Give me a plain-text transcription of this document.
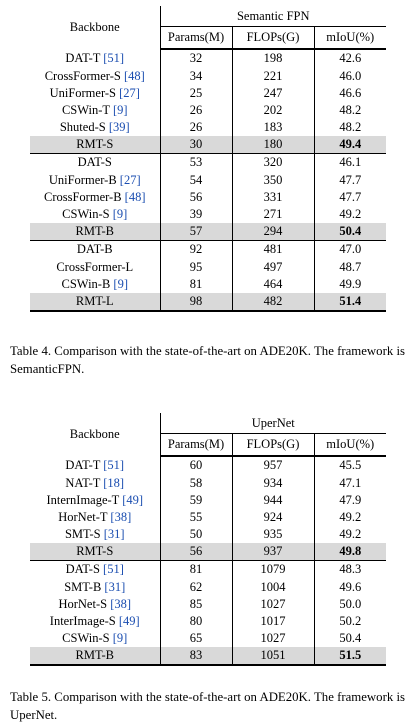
Backbone	Semantic FPN		
	Params(M)	FLOPs(G)	mIoU(%)
DAT-T [51]	32	198	42.6
CrossFormer-S [48]	34	221	46.0
UniFormer-S [27]	25	247	46.6
CSWin-T [9]	26	202	48.2
Shuted-S [39]	26	183	48.2
RMT-S	30	180	49.4
DAT-S	53	320	46.1
UniFormer-B [27]	54	350	47.7
CrossFormer-B [48]	56	331	47.7
CSWin-S [9]	39	271	49.2
RMT-B	57	294	50.4
DAT-B	92	481	47.0
CrossFormer-L	95	497	48.7
CSWin-B [9]	81	464	49.9
RMT-L	98	482	51.4
Table 4. Comparison with the state-of-the-art on ADE20K. The framework is SemanticFPN.
Backbone	UperNet		
	Params(M)	FLOPs(G)	mIoU(%)
DAT-T [51]	60	957	45.5
NAT-T [18]	58	934	47.1
InternImage-T [49]	59	944	47.9
HorNet-T [38]	55	924	49.2
SMT-S [31]	50	935	49.2
RMT-S	56	937	49.8
DAT-S [51]	81	1079	48.3
SMT-B [31]	62	1004	49.6
HorNet-S [38]	85	1027	50.0
InterImage-S [49]	80	1017	50.2
CSWin-S [9]	65	1027	50.4
RMT-B	83	1051	51.5
Table 5. Comparison with the state-of-the-art on ADE20K. The framework is UperNet.
